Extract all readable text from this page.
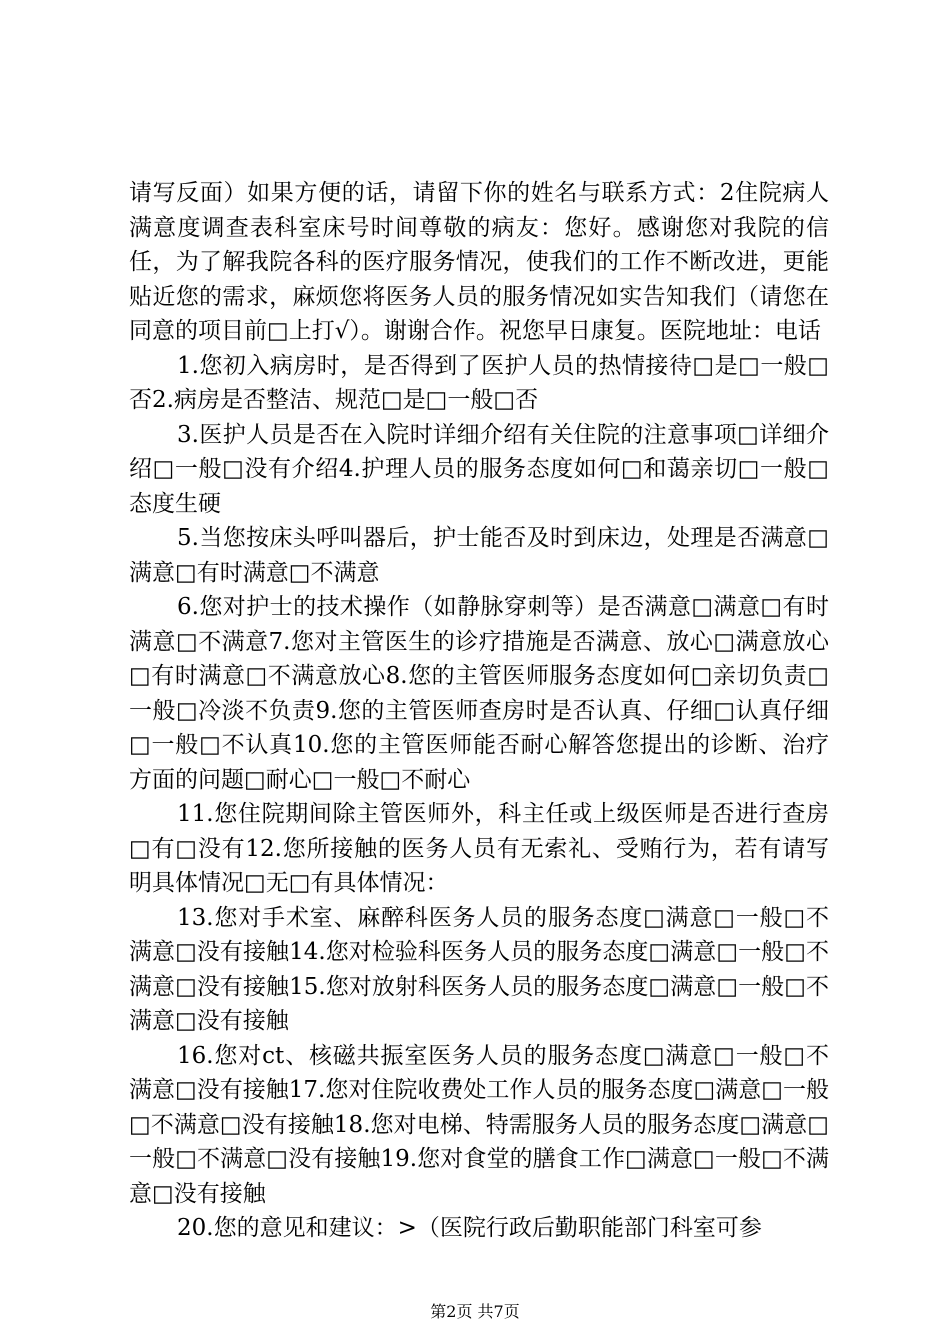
请写反面）如果方便的话，请留下你的姓名与联系方式：2住院病人满意度调查表科室床号时间尊敬的病友：您好。感谢您对我院的信任，为了解我院各科的医疗服务情况，使我们的工作不断改进，更能贴近您的需求，麻烦您将医务人员的服务情况如实告知我们（请您在同意的项目前□上打√）。谢谢合作。祝您早日康复。医院地址：电话

1.您初入病房时，是否得到了医护人员的热情接待□是□一般□否2.病房是否整洁、规范□是□一般□否

3.医护人员是否在入院时详细介绍有关住院的注意事项□详细介绍□一般□没有介绍4.护理人员的服务态度如何□和蔼亲切□一般□态度生硬

5.当您按床头呼叫器后，护士能否及时到床边，处理是否满意□满意□有时满意□不满意

6.您对护士的技术操作（如静脉穿刺等）是否满意□满意□有时满意□不满意7.您对主管医生的诊疗措施是否满意、放心□满意放心□有时满意□不满意放心8.您的主管医师服务态度如何□亲切负责□一般□冷淡不负责9.您的主管医师查房时是否认真、仔细□认真仔细□一般□不认真10.您的主管医师能否耐心解答您提出的诊断、治疗方面的问题□耐心□一般□不耐心

11.您住院期间除主管医师外，科主任或上级医师是否进行查房□有□没有12.您所接触的医务人员有无索礼、受贿行为，若有请写明具体情况□无□有具体情况：

13.您对手术室、麻醉科医务人员的服务态度□满意□一般□不满意□没有接触14.您对检验科医务人员的服务态度□满意□一般□不满意□没有接触15.您对放射科医务人员的服务态度□满意□一般□不满意□没有接触

16.您对ct、核磁共振室医务人员的服务态度□满意□一般□不满意□没有接触17.您对住院收费处工作人员的服务态度□满意□一般□不满意□没有接触18.您对电梯、特需服务人员的服务态度□满意□一般□不满意□没有接触19.您对食堂的膳食工作□满意□一般□不满意□没有接触

20.您的意见和建议：>（医院行政后勤职能部门科室可参

第2页 共7页
